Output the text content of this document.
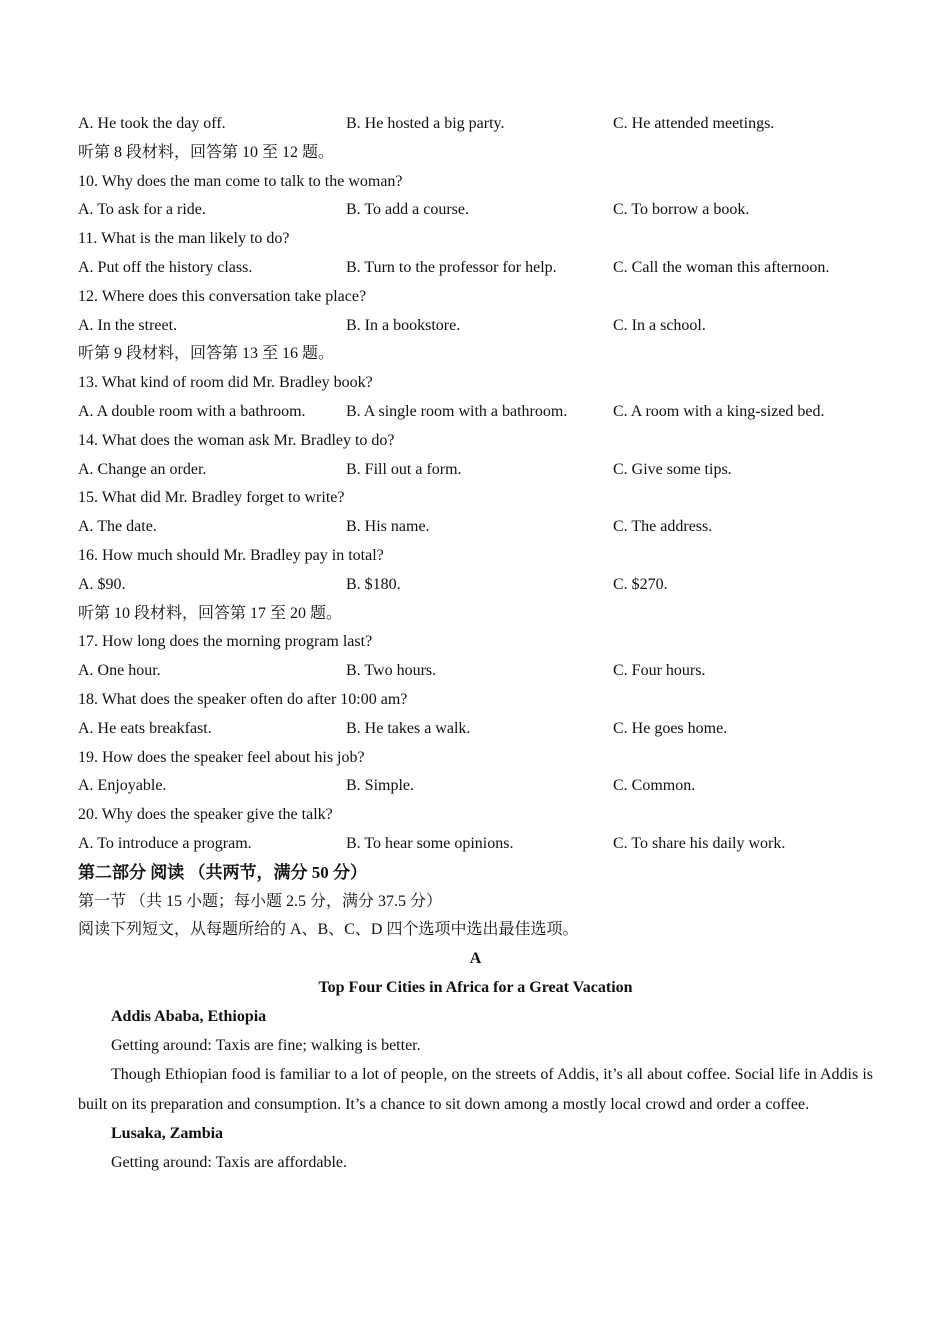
A. He took the day off.	B. He hosted a big party.	C. He attended meetings.
听第 8 段材料，回答第 10 至 12 题。
10. Why does the man come to talk to the woman?
A. To ask for a ride.	B. To add a course.	C. To borrow a book.
11. What is the man likely to do?
A. Put off the history class.	B. Turn to the professor for help.	C. Call the woman this afternoon.
12. Where does this conversation take place?
A. In the street.	B. In a bookstore.	C. In a school.
听第 9 段材料，回答第 13 至 16 题。
13. What kind of room did Mr. Bradley book?
A. A double room with a bathroom.	B. A single room with a bathroom.	C. A room with a king-sized bed.
14. What does the woman ask Mr. Bradley to do?
A. Change an order.	B. Fill out a form.	C. Give some tips.
15. What did Mr. Bradley forget to write?
A. The date.	B. His name.	C. The address.
16. How much should Mr. Bradley pay in total?
A. $90.	B. $180.	C. $270.
听第 10 段材料，回答第 17 至 20 题。
17. How long does the morning program last?
A. One hour.	B. Two hours.	C. Four hours.
18. What does the speaker often do after 10:00 am?
A. He eats breakfast.	B. He takes a walk.	C. He goes home.
19. How does the speaker feel about his job?
A. Enjoyable.	B. Simple.	C. Common.
20. Why does the speaker give the talk?
A. To introduce a program.	B. To hear some opinions.	C. To share his daily work.
第二部分 阅读 （共两节，满分 50 分）
第一节 （共 15 小题；每小题 2.5 分，满分 37.5 分）
阅读下列短文，从每题所给的 A、B、C、D 四个选项中选出最佳选项。
A
Top Four Cities in Africa for a Great Vacation
Addis Ababa, Ethiopia
Getting around: Taxis are fine; walking is better.

Though Ethiopian food is familiar to a lot of people, on the streets of Addis, it’s all about coffee. Social life in Addis is built on its preparation and consumption. It’s a chance to sit down among a mostly local crowd and order a coffee.

Lusaka, Zambia
Getting around: Taxis are affordable.
